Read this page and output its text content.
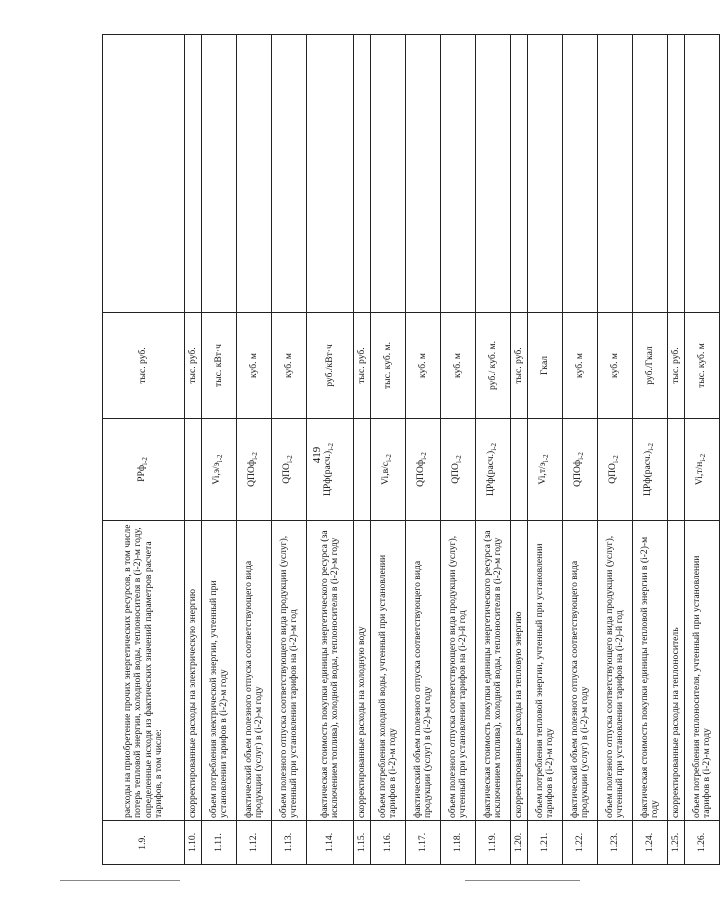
419
1.9.	расходы на приобретение прочих энергетических ресурсов, в том числе потерь тепловой энергии, холодной воды, теплоносителя в (i-2)-м году, определенные исходя из фактических значений параметров расчета тарифов, в том числе:	РРф$_{i-2}$	тыс. руб.	
1.10.	скорректированные расходы на электрическую энергию		тыс. руб.	
1.11.	объем потребления электрической энергии, учтенный при установлении тарифов в (i-2)-м году	$Vi,э/э_{i-2}$	тыс. кВт·ч	
1.12.	фактический объем полезного отпуска соответствующего вида продукции (услуг) в (i-2)-м году	QПОф$_{i-2}$	куб. м	
1.13.	объем полезного отпуска соответствующего вида продукции (услуг), учтенный при установлении тарифов на (i-2)-м год	$QПО_{i-2}$	куб. м	
1.14.	фактическая стоимость покупки единицы энергетического ресурса (за исключением топлива), холодной воды, теплоносителя в (i-2)-м году	$ЦРф(расч.)_{i-2}$	руб./кВт·ч	
1.15.	скорректированные расходы на холодную воду		тыс. руб.	
1.16.	объем потребления холодной воды, учтенный при установлении тарифов в (i-2)-м году	$Vi,в/с_{i-2}$	тыс. куб. м.	
1.17.	фактический объем полезного отпуска соответствующего вида продукции (услуг) в (i-2)-м году	QПОф$_{i-2}$	куб. м	
1.18.	объем полезного отпуска соответствующего вида продукции (услуг), учтенный при установлении тарифов на (i-2)-й год	$QПО_{i-2}$	куб. м	
1.19.	фактическая стоимость покупки единицы энергетического ресурса (за исключением топлива), холодной воды, теплоносителя в (i-2)-м году	$ЦРф(расч.)_{i-2}$	руб./ куб. м.	
1.20.	скорректированные расходы на тепловую энергию		тыс. руб.	
1.21.	объем потребления тепловой энергии, учтенный при установлении тарифов в (i-2)-м году	$Vi,т/э_{i-2}$	Гкал	
1.22.	фактический объем полезного отпуска соответствующего вида продукции (услуг) в (i-2)-м году	QПОф$_{i-2}$	куб. м	
1.23.	объем полезного отпуска соответствующего вида продукции (услуг), учтенный при установлении тарифов на (i-2)-й год	$QПО_{i-2}$	куб. м	
1.24.	фактическая стоимость покупки единицы тепловой энергии в (i-2)-м году	$ЦРф(расч.)_{i-2}$	руб./Гкал	
1.25.	скорректированные расходы на теплоноситель		тыс. руб.	
1.26.	объем потребления теплоносителя, учтенный при установлении тарифов в (i-2)-м году	$Vi,т/н_{i-2}$	тыс. куб. м	
